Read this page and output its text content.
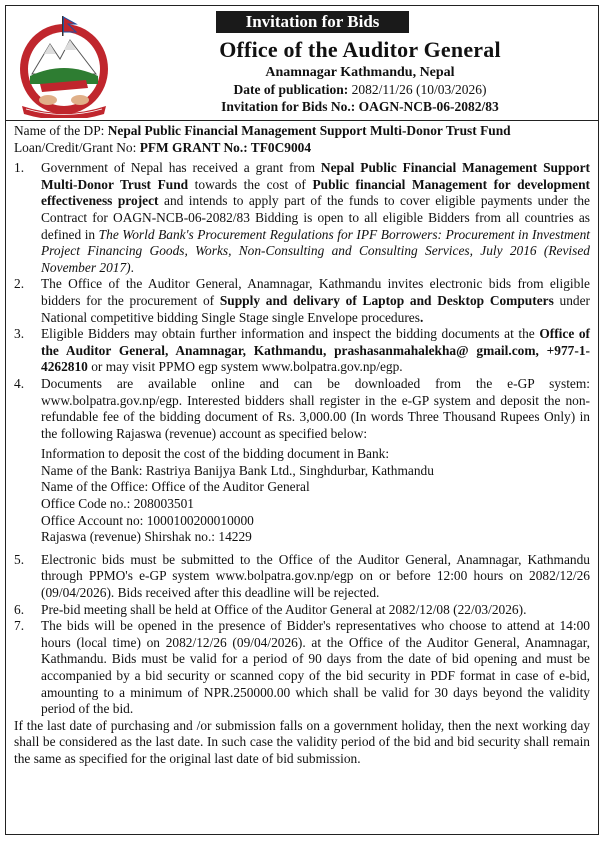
Invitation for Bids
Office of the Auditor General
Anamnagar Kathmandu, Nepal
Date of publication: 2082/11/26 (10/03/2026)
Invitation for Bids No.: OAGN-NCB-06-2082/83

Name of the DP: Nepal Public Financial Management Support Multi-Donor Trust Fund

Loan/Credit/Grant No: PFM GRANT No.: TF0C9004

1. Government of Nepal has received a grant from Nepal Public Financial Management Support Multi-Donor Trust Fund towards the cost of Public financial Management for development effectiveness project and intends to apply part of the funds to cover eligible payments under the Contract for OAGN-NCB-06-2082/83 Bidding is open to all eligible Bidders from all countries as defined in The World Bank's Procurement Regulations for IPF Borrowers: Procurement in Investment Project Financing Goods, Works, Non-Consulting and Consulting Services, July 2016 (Revised November 2017).

2. The Office of the Auditor General, Anamnagar, Kathmandu invites electronic bids from eligible bidders for the procurement of Supply and delivary of Laptop and Desktop Computers under National competitive bidding Single Stage single Envelope procedures.

3. Eligible Bidders may obtain further information and inspect the bidding documents at the Office of the Auditor General, Anamnagar, Kathmandu, prashasanmahalekha@ gmail.com, +977-1-4262810 or may visit PPMO egp system www.bolpatra.gov.np/egp.

4. Documents are available online and can be downloaded from the e-GP system: www.bolpatra.gov.np/egp. Interested bidders shall register in the e-GP system and deposit the non-refundable fee of the bidding document of Rs. 3,000.00 (In words Three Thousand Rupees Only) in the following Rajaswa (revenue) account as specified below:

Information to deposit the cost of the bidding document in Bank:
Name of the Bank: Rastriya Banijya Bank Ltd., Singhdurbar, Kathmandu
Name of the Office: Office of the Auditor General
Office Code no.: 208003501
Office Account no: 1000100200010000
Rajaswa (revenue) Shirshak no.: 14229

5. Electronic bids must be submitted to the Office of the Auditor General, Anamnagar, Kathmandu through PPMO's e-GP system www.bolpatra.gov.np/egp on or before 12:00 hours on 2082/12/26 (09/04/2026). Bids received after this deadline will be rejected.

6. Pre-bid meeting shall be held at Office of the Auditor General at 2082/12/08 (22/03/2026).

7. The bids will be opened in the presence of Bidder's representatives who choose to attend at 14:00 hours (local time) on 2082/12/26 (09/04/2026). at the Office of the Auditor General, Anamnagar, Kathmandu. Bids must be valid for a period of 90 days from the date of bid opening and must be accompanied by a bid security or scanned copy of the bid security in PDF format in case of e-bid, amounting to a minimum of NPR.250000.00 which shall be valid for 30 days beyond the validity period of the bid.

If the last date of purchasing and /or submission falls on a government holiday, then the next working day shall be considered as the last date. In such case the validity period of the bid and bid security shall remain the same as specified for the original last date of bid submission.
